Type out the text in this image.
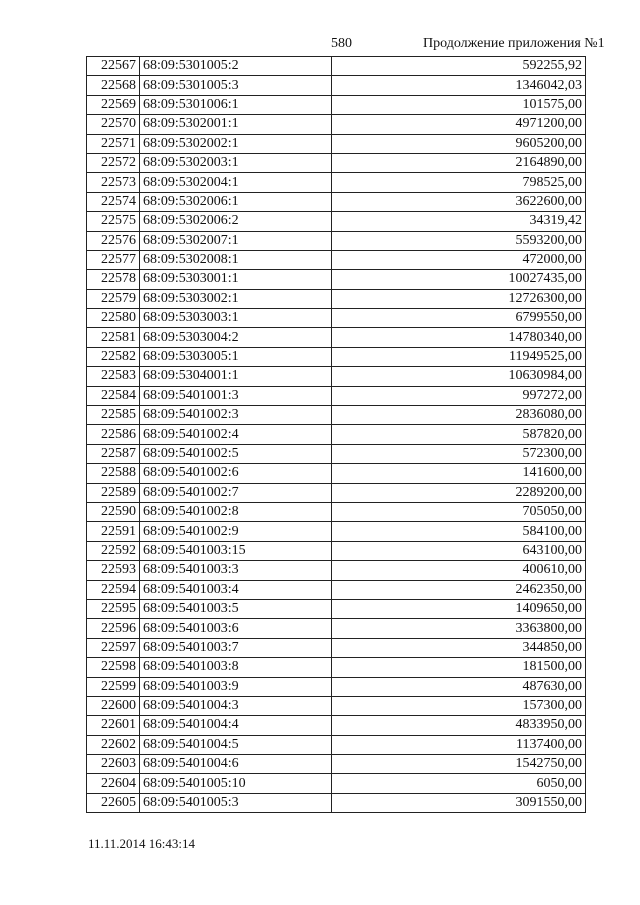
580	Продолжение приложения №1
22567	68:09:5301005:2	592255,92
22568	68:09:5301005:3	1346042,03
22569	68:09:5301006:1	101575,00
22570	68:09:5302001:1	4971200,00
22571	68:09:5302002:1	9605200,00
22572	68:09:5302003:1	2164890,00
22573	68:09:5302004:1	798525,00
22574	68:09:5302006:1	3622600,00
22575	68:09:5302006:2	34319,42
22576	68:09:5302007:1	5593200,00
22577	68:09:5302008:1	472000,00
22578	68:09:5303001:1	10027435,00
22579	68:09:5303002:1	12726300,00
22580	68:09:5303003:1	6799550,00
22581	68:09:5303004:2	14780340,00
22582	68:09:5303005:1	11949525,00
22583	68:09:5304001:1	10630984,00
22584	68:09:5401001:3	997272,00
22585	68:09:5401002:3	2836080,00
22586	68:09:5401002:4	587820,00
22587	68:09:5401002:5	572300,00
22588	68:09:5401002:6	141600,00
22589	68:09:5401002:7	2289200,00
22590	68:09:5401002:8	705050,00
22591	68:09:5401002:9	584100,00
22592	68:09:5401003:15	643100,00
22593	68:09:5401003:3	400610,00
22594	68:09:5401003:4	2462350,00
22595	68:09:5401003:5	1409650,00
22596	68:09:5401003:6	3363800,00
22597	68:09:5401003:7	344850,00
22598	68:09:5401003:8	181500,00
22599	68:09:5401003:9	487630,00
22600	68:09:5401004:3	157300,00
22601	68:09:5401004:4	4833950,00
22602	68:09:5401004:5	1137400,00
22603	68:09:5401004:6	1542750,00
22604	68:09:5401005:10	6050,00
22605	68:09:5401005:3	3091550,00
11.11.2014 16:43:14
